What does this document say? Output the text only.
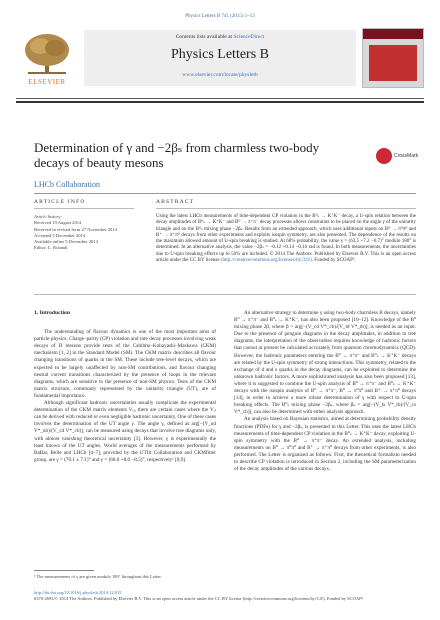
Physics Letters B 741 (2015) 1–13
ELSEVIER
Contents lists available at ScienceDirect
Physics Letters B
www.elsevier.com/locate/physletb
Determination of γ and −2βₛ from charmless two-body decays of beauty mesons	CrossMark
LHCb Collaboration
ARTICLE INFO	ABSTRACT
Article history:
Received 19 August 2014
Received in revised form 27 November 2014
Accepted 5 December 2014
Available online 9 December 2014
Editor: L. Rolandi
Using the latest LHCb measurements of time-dependent CP violation in the B⁰ₛ → K⁺K⁻ decay, a U-spin relation between the decay amplitudes of B⁰ₛ → K⁺K⁻ and B⁰ → π⁺π⁻ decay processes allows constraints to be placed on the angle γ of the unitarity triangle and on the B⁰ₛ mixing phase −2βₛ. Results from an extended approach, which uses additional inputs on B⁰ → π⁰π⁰ and B⁺ → π⁺π⁰ decays from other experiments and exploits isospin symmetry, are also presented. The dependence of the results on the maximum allowed amount of U-spin breaking is studied. At 68% probability, the value γ = (63.5 +7.2 −6.7)° modulo 180° is determined. In an alternative analysis, the value −2βₛ = −0.12 +0.14 −0.16 rad is found. In both measurements, the uncertainties due to U-spin breaking effects up to 50% are included. © 2014 The Authors. Published by Elsevier B.V. This is an open access article under the CC BY license (http://creativecommons.org/licenses/by/3.0/). Funded by SCOAP³.
1. Introduction

The understanding of flavour dynamics is one of the most important aims of particle physics. Charge–parity (CP) violation and rare decay processes involving weak decays of B mesons provide tests of the Cabibbo–Kobayashi–Maskawa (CKM) mechanism [1, 2] in the Standard Model (SM). The CKM matrix describes all flavour changing transitions of quarks in the SM. These include tree-level decays, which are expected to be largely unaffected by non-SM contributions, and flavour changing neutral current transitions characterized by the presence of loops in the relevant diagrams, which are sensitive to the presence of non-SM physics. Tests of the CKM matrix structure, commonly represented by the unitarity triangle (UT), are of fundamental importance.

Although significant hadronic uncertainties usually complicate the experimental determination of the CKM matrix elements Vᵢⱼ, there are certain cases where the Vᵢⱼ can be derived with reduced or even negligible hadronic uncertainty. One of these cases involves the determination of the UT angle γ. The angle γ, defined as arg[−(V_ud V*_ub)/(V_cd V*_cb)], can be measured using decays that involve tree diagrams only, with almost vanishing theoretical uncertainty [3]. However, γ is experimentally the least known of the UT angles. World averages of the measurements performed by BaBar, Belle and LHCb [4–7], provided by the UTfit Collaboration and CKMfitter group, are γ = (70.1 ± 7.1)° and γ = (68.0 +8.0 −8.5)°, respectively¹ [8,9].

An alternative strategy to determine γ using two-body charmless B decays, namely B⁰ → π⁺π⁻ and B⁰ₛ → K⁺K⁻, has also been proposed [10–12]. Knowledge of the B⁰ mixing phase 2β, where β = arg[−(V_cd V*_cb)/(V_td V*_tb)], is needed as an input. Due to the presence of penguin diagrams in the decay amplitudes, in addition to tree diagrams, the interpretation of the observables requires knowledge of hadronic factors that cannot at present be calculated accurately from quantum chromodynamics (QCD). However, the hadronic parameters entering the B⁰ → π⁺π⁻ and B⁰ₛ → K⁺K⁻ decays are related by the U-spin symmetry of strong interactions. This symmetry, related to the exchange of d and s quarks in the decay diagrams, can be exploited to determine the unknown hadronic factors. A more sophisticated analysis has also been proposed [13], where it is suggested to combine the U-spin analysis of B⁰ → π⁺π⁻ and B⁰ₛ → K⁺K⁻ decays with the isospin analysis of B⁰ → π⁺π⁻, B⁰ → π⁰π⁰ and B⁺ → π⁺π⁰ decays [14], in order to achieve a more robust determination of γ with respect to U-spin breaking effects. The B⁰ₛ mixing phase −2βₛ, where βₛ = arg[−(V_ts V*_tb)/(V_cs V*_cb)], can also be determined with either analysis approach.

An analysis based on Bayesian statistics, aimed at determining probability density functions (PDFs) for γ and −2βₛ, is presented in this Letter. This uses the latest LHCb measurements of time-dependent CP violation in the B⁰ₛ → K⁺K⁻ decay, exploiting U-spin symmetry with the B⁰ → π⁺π⁻ decay. An extended analysis, including measurements on B⁰ → π⁰π⁰ and B⁺ → π⁺π⁰ decays from other experiments, is also performed. The Letter is organized as follows. First, the theoretical formalism needed to describe CP violation is introduced in Section 2, including the SM parameterization of the decay amplitudes of the various decays.

¹ The measurements of γ are given modulo 180° throughout this Letter.
http://dx.doi.org/10.1016/j.physletb.2014.12.015
0370-2693/© 2014 The Authors. Published by Elsevier B.V. This is an open access article under the CC BY license (http://creativecommons.org/licenses/by/3.0/). Funded by SCOAP³.
